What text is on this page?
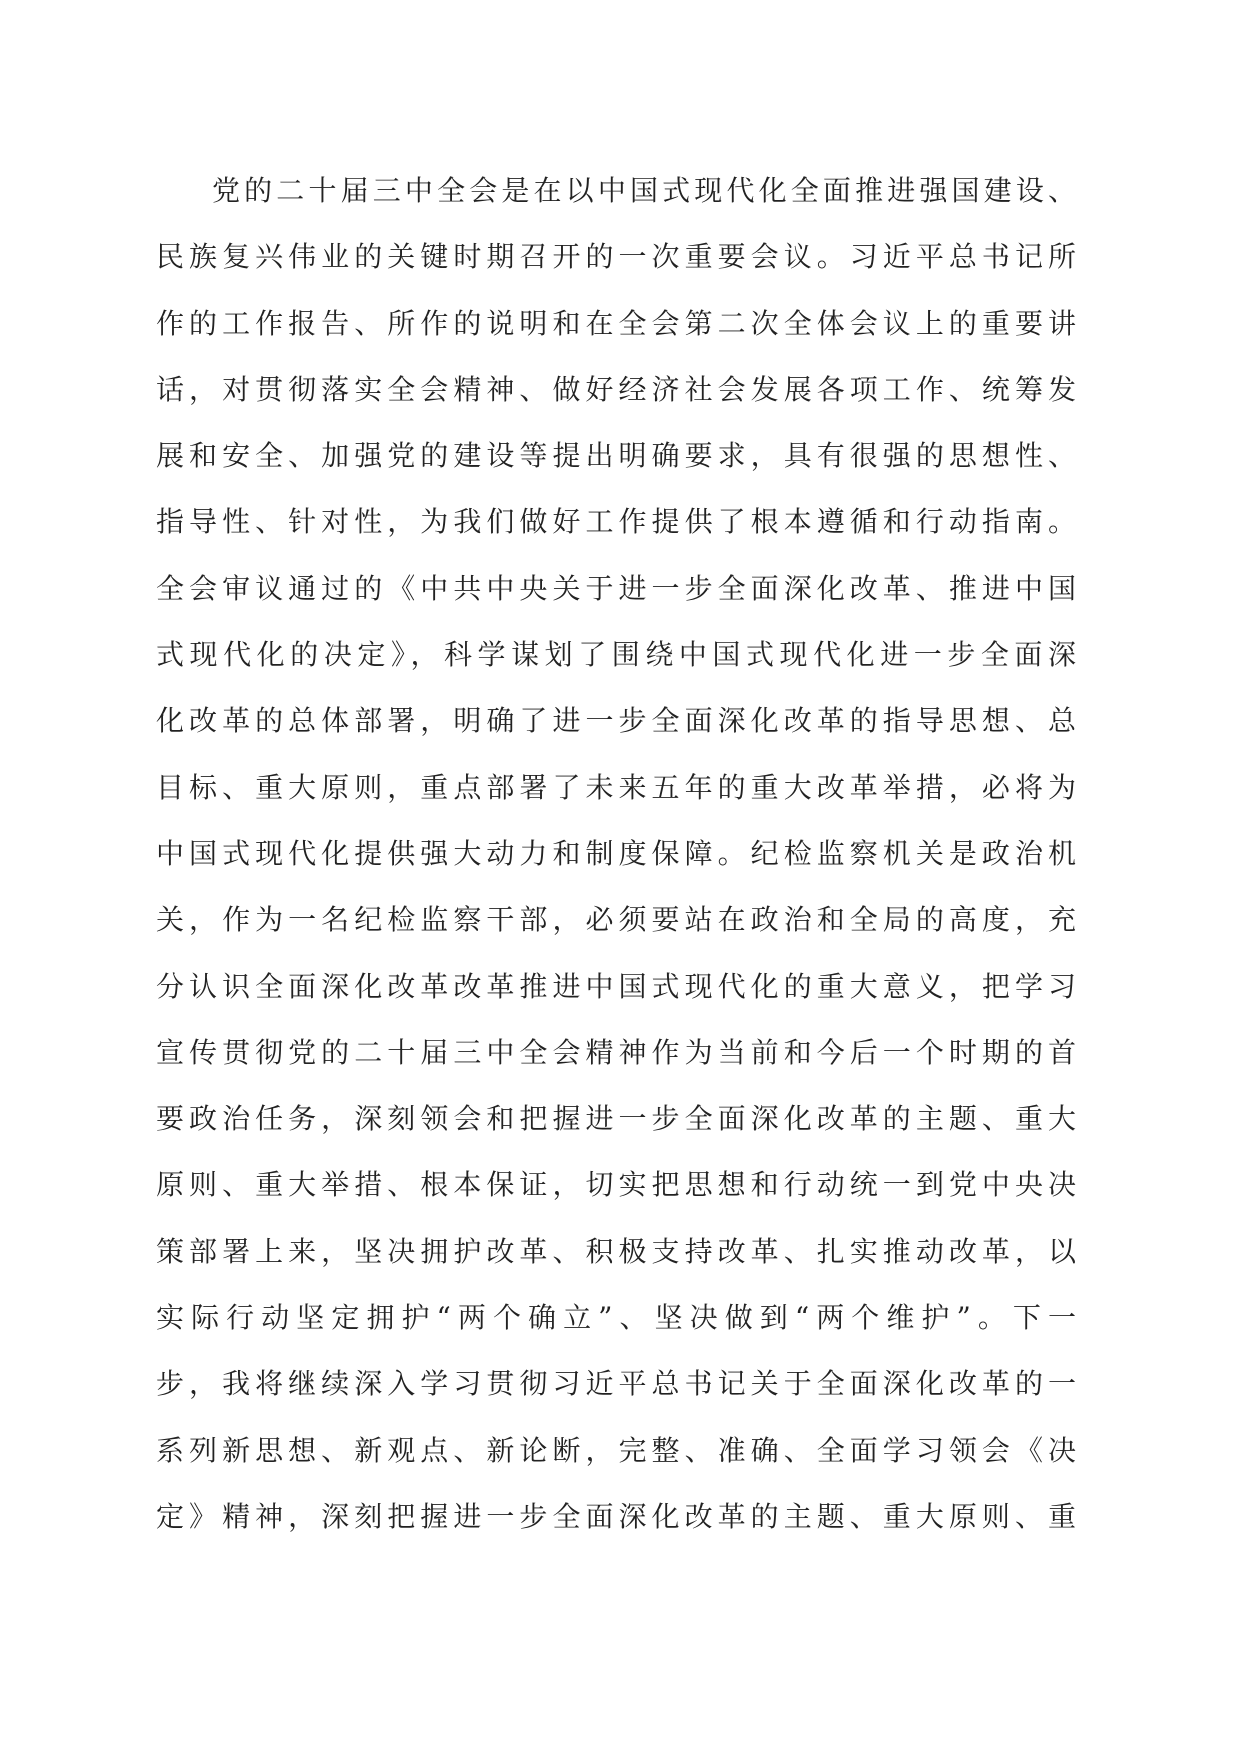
党的二十届三中全会是在以中国式现代化全面推进强国建设、
民族复兴伟业的关键时期召开的一次重要会议。习近平总书记所
作的工作报告、所作的说明和在全会第二次全体会议上的重要讲
话，对贯彻落实全会精神、做好经济社会发展各项工作、统筹发
展和安全、加强党的建设等提出明确要求，具有很强的思想性、
指导性、针对性，为我们做好工作提供了根本遵循和行动指南。
全会审议通过的《中共中央关于进一步全面深化改革、推进中国
式现代化的决定》，科学谋划了围绕中国式现代化进一步全面深
化改革的总体部署，明确了进一步全面深化改革的指导思想、总
目标、重大原则，重点部署了未来五年的重大改革举措，必将为
中国式现代化提供强大动力和制度保障。纪检监察机关是政治机
关，作为一名纪检监察干部，必须要站在政治和全局的高度，充
分认识全面深化改革改革推进中国式现代化的重大意义，把学习
宣传贯彻党的二十届三中全会精神作为当前和今后一个时期的首
要政治任务，深刻领会和把握进一步全面深化改革的主题、重大
原则、重大举措、根本保证，切实把思想和行动统一到党中央决
策部署上来，坚决拥护改革、积极支持改革、扎实推动改革，以
实际行动坚定拥护“两个确立”、坚决做到“两个维护”。下一
步，我将继续深入学习贯彻习近平总书记关于全面深化改革的一
系列新思想、新观点、新论断，完整、准确、全面学习领会《决
定》精神，深刻把握进一步全面深化改革的主题、重大原则、重
